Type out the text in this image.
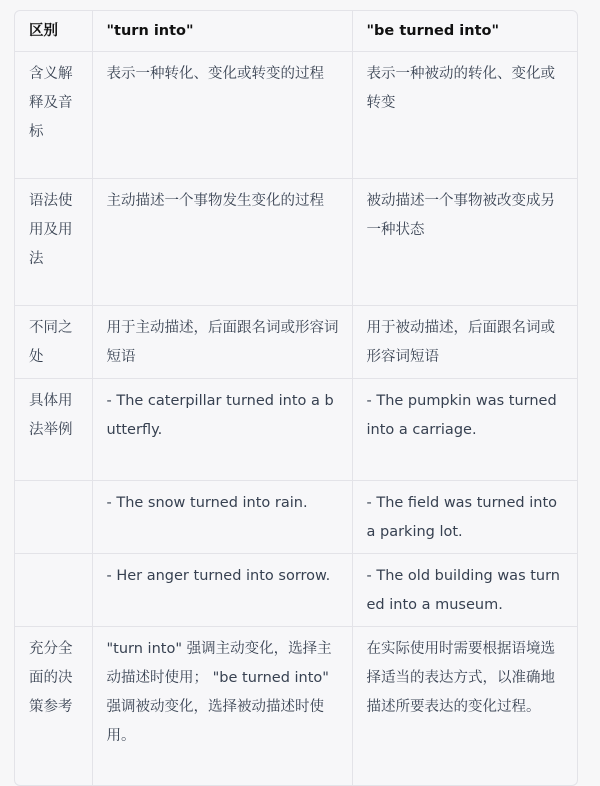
区别	"turn into"	"be turned into"
含义解释及音标	表示一种转化、变化或转变的过程	表示一种被动的转化、变化或转变
语法使用及用法	主动描述一个事物发生变化的过程	被动描述一个事物被改变成另一种状态
不同之处	用于主动描述，后面跟名词或形容词短语	用于被动描述，后面跟名词或形容词短语
具体用法举例	- The caterpillar turned into a butterfly.	- The pumpkin was turned into a carriage.
	- The snow turned into rain.	- The field was turned into a parking lot.
	- Her anger turned into sorrow.	- The old building was turned into a museum.
充分全面的决策参考	"turn into" 强调主动变化，选择主动描述时使用； "be turned into" 强调被动变化，选择被动描述时使用。	在实际使用时需要根据语境选择适当的表达方式，以准确地描述所要表达的变化过程。
